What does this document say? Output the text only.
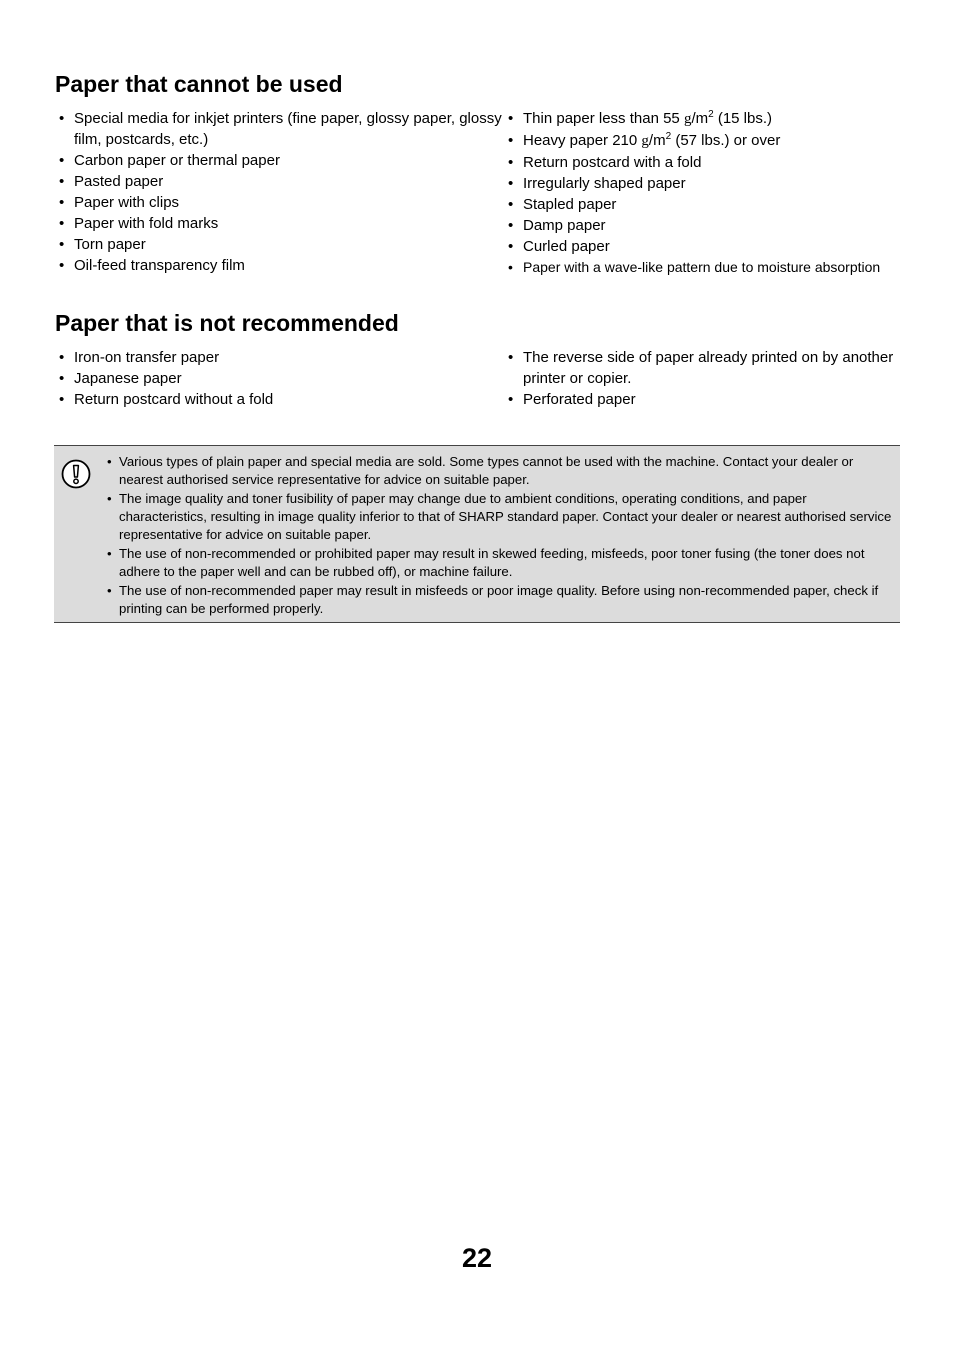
Paper that cannot be used
• Special media for inkjet printers (fine paper, glossy paper, glossy film, postcards, etc.)
• Carbon paper or thermal paper
• Pasted paper
• Paper with clips
• Paper with fold marks
• Torn paper
• Oil-feed transparency film
• Thin paper less than 55 $g/m^2$ (15 lbs.)
• Heavy paper 210 $g/m^2$ (57 lbs.) or over
• Return postcard with a fold
• Irregularly shaped paper
• Stapled paper
• Damp paper
• Curled paper
• Paper with a wave-like pattern due to moisture absorption
Paper that is not recommended
• Iron-on transfer paper
• Japanese paper
• Return postcard without a fold
• The reverse side of paper already printed on by another printer or copier.
• Perforated paper
• Various types of plain paper and special media are sold. Some types cannot be used with the machine. Contact your dealer or nearest authorised service representative for advice on suitable paper.
• The image quality and toner fusibility of paper may change due to ambient conditions, operating conditions, and paper characteristics, resulting in image quality inferior to that of SHARP standard paper. Contact your dealer or nearest authorised service representative for advice on suitable paper.
• The use of non-recommended or prohibited paper may result in skewed feeding, misfeeds, poor toner fusing (the toner does not adhere to the paper well and can be rubbed off), or machine failure.
• The use of non-recommended paper may result in misfeeds or poor image quality. Before using non-recommended paper, check if printing can be performed properly.
22
